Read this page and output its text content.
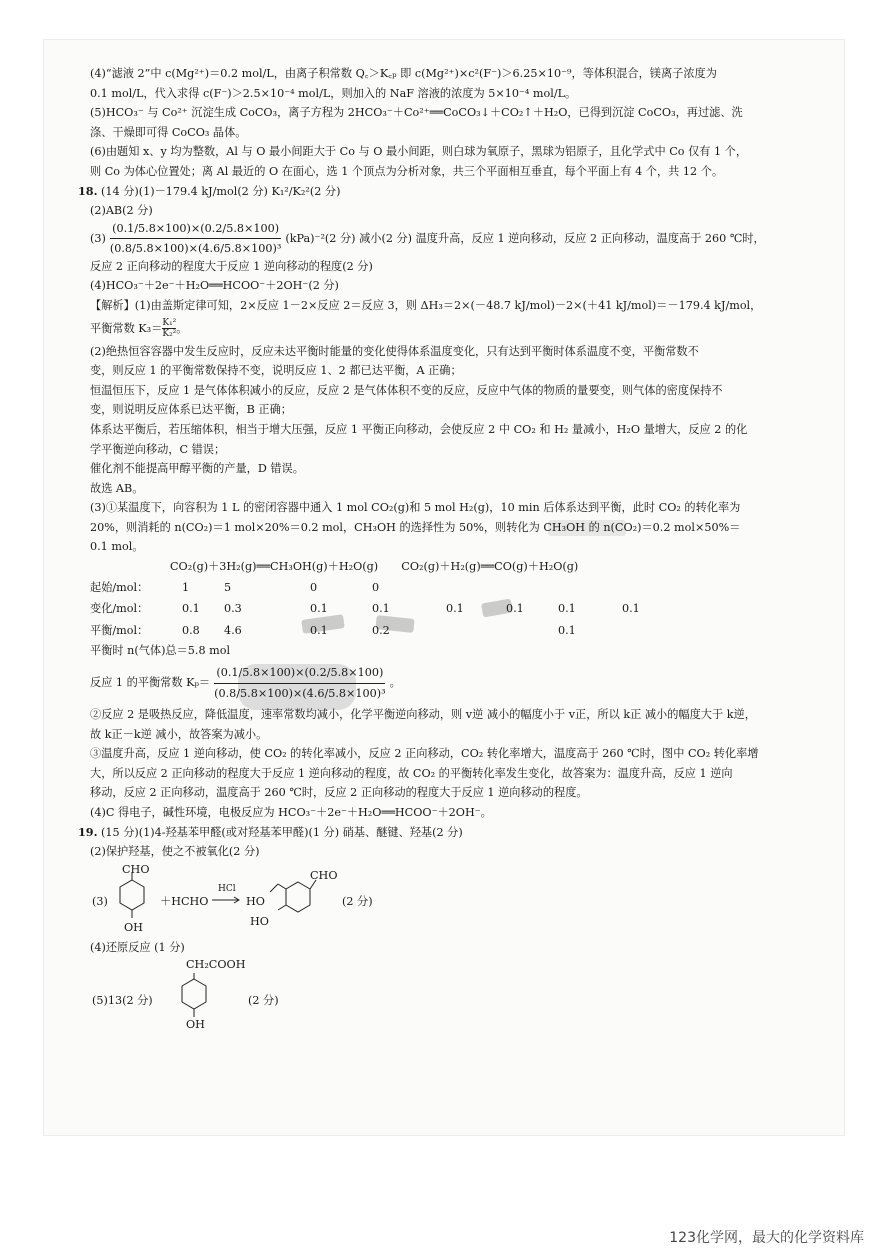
(4)“滤液 2”中 c(Mg²⁺)＝0.2 mol/L，由离子积常数 Q꜀＞K꜀ₚ 即 c(Mg²⁺)×c²(F⁻)＞6.25×10⁻⁹，等体积混合，镁离子浓度为
0.1 mol/L，代入求得 c(F⁻)＞2.5×10⁻⁴ mol/L，则加入的 NaF 溶液的浓度为 5×10⁻⁴ mol/L。
(5)HCO₃⁻ 与 Co²⁺ 沉淀生成 CoCO₃，离子方程为 2HCO₃⁻＋Co²⁺══CoCO₃↓＋CO₂↑＋H₂O，已得到沉淀 CoCO₃，再过滤、洗
涤、干燥即可得 CoCO₃ 晶体。
(6)由题知 x、y 均为整数，Al 与 O 最小间距大于 Co 与 O 最小间距，则白球为氧原子，黑球为铝原子，且化学式中 Co 仅有 1 个，
则 Co 为体心位置处；离 Al 最近的 O 在面心，选 1 个顶点为分析对象，共三个平面相互垂直，每个平面上有 4 个，共 12 个。
18. (14 分)(1)－179.4 kJ/mol(2 分) K₁²/K₂²(2 分)
(2)AB(2 分)
$(3) \frac{(0.1/5.8\times 100)\times(0.2/5.8\times 100)}{\text{(0.8/5.8×100)×(4.6/5.8×100)³}} (kPa)^{-2}(2$ 分) 减小(2 分) 温度升高，反应 1 逆向移动，反应 2 正向移动，温度高于 260 ℃时，
反应 2 正向移动的程度大于反应 1 逆向移动的程度(2 分)
(4)HCO₃⁻＋2e⁻＋H₂O══HCOO⁻＋2OH⁻(2 分)
【解析】(1)由盖斯定律可知，2×反应 1－2×反应 2＝反应 3，则 ΔH₃＝2×(－48.7 kJ/mol)－2×(＋41 kJ/mol)＝－179.4 kJ/mol，
平衡常数 $K_3= \frac{\text{K₁²}}{\text{K₂²}}$ 。
(2)绝热恒容容器中发生反应时，反应未达平衡时能量的变化使得体系温度变化，只有达到平衡时体系温度不变，平衡常数不
变，则反应 1 的平衡常数保持不变，说明反应 1、2 都已达平衡，A 正确；
恒温恒压下，反应 1 是气体体积减小的反应，反应 2 是气体体积不变的反应，反应中气体的物质的量要变，则气体的密度保持不
变，则说明反应体系已达平衡，B 正确；
体系达平衡后，若压缩体积，相当于增大压强，反应 1 平衡正向移动，会使反应 2 中 CO₂ 和 H₂ 量减小，H₂O 量增大，反应 2 的化
学平衡逆向移动，C 错误；
催化剂不能提高甲醇平衡的产量，D 错误。
故选 AB。
(3)①某温度下，向容积为 1 L 的密闭容器中通入 1 mol CO₂(g)和 5 mol H₂(g)，10 min 后体系达到平衡，此时 CO₂ 的转化率为
20%，则消耗的 n(CO₂)＝1 mol×20%＝0.2 mol，CH₃OH 的选择性为 50%，则转化为 CH₃OH 的 n(CO₂)＝0.2 mol×50%＝
0.1 mol。
CO₂(g)＋3H₂(g)══CH₃OH(g)＋H₂O(g) CO₂(g)＋H₂(g)══CO(g)＋H₂O(g)
起始/mol：	1	5	0	0				
变化/mol：	0.1	0.3	0.1	0.1	0.1	0.1	0.1	0.1
平衡/mol：	0.8	4.6	0.1	0.2			0.1	
平衡时 n(气体)总＝5.8 mol
反应 1 的平衡常数 $K_p= \frac{(0.1/5.8\times 100)\times(0.2/5.8\times 100)}{\text{(0.8/5.8×100)×(4.6/5.8×100)³}}$ 。
②反应 2 是吸热反应，降低温度，速率常数均减小，化学平衡逆向移动，则 v逆 减小的幅度小于 v正，所以 k正 减小的幅度大于 k逆，
故 k正－k逆 减小，故答案为减小。
③温度升高，反应 1 逆向移动，使 CO₂ 的转化率减小，反应 2 正向移动，CO₂ 转化率增大，温度高于 260 ℃时，图中 CO₂ 转化率增
大，所以反应 2 正向移动的程度大于反应 1 逆向移动的程度，故 CO₂ 的平衡转化率发生变化，故答案为：温度升高，反应 1 逆向
移动，反应 2 正向移动，温度高于 260 ℃时，反应 2 正向移动的程度大于反应 1 逆向移动的程度。
(4)C 得电子，碱性环境，电极反应为 HCO₃⁻＋2e⁻＋H₂O══HCOO⁻＋2OH⁻。
19. (15 分)(1)4-羟基苯甲醛(或对羟基苯甲醛)(1 分) 硝基、醚键、羟基(2 分)
(2)保护羟基，使之不被氧化(2 分)
(3)
CHO
OH
＋HCHO
HCl
→ HO
CHO
HO
(2 分)
(4)还原反应 (1 分)
(5)13(2 分)
CH₂COOH
OH
(2 分)
123化学网，最大的化学资料库
